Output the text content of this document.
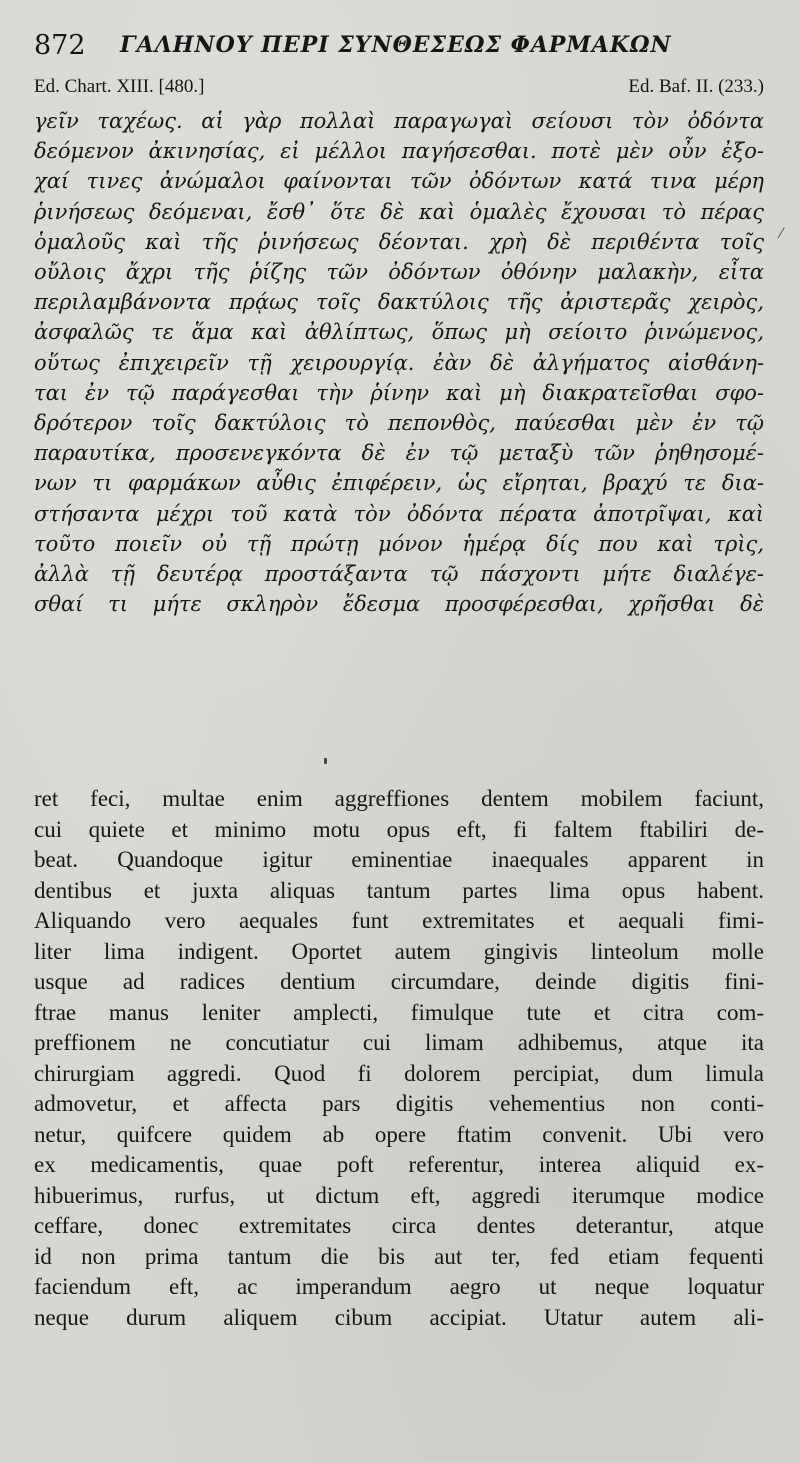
872 ΓΑΛΗΝΟΥ ΠΕΡΙ ΣΥΝΘΕΣΕΩΣ ΦΑΡΜΑΚΩΝ
Ed. Chart. XIII. [480.]	Ed. Baf. II. (233.)
⁄
γεῖν ταχέως. αἱ γὰρ πολλαὶ παραγωγαὶ σείουσι τὸν ὀδόντα
δεόμενον ἀκινησίας, εἰ μέλλοι παγήσεσθαι. ποτὲ μὲν οὖν ἐξο-
χαί τινες ἀνώμαλοι φαίνονται τῶν ὀδόντων κατά τινα μέρη
ῥινήσεως δεόμεναι, ἔσθ᾽ ὅτε δὲ καὶ ὁμαλὲς ἔχουσαι τὸ πέρας
ὁμαλοῦς καὶ τῆς ῥινήσεως δέονται. χρὴ δὲ περιθέντα τοῖς
οὔλοις ἄχρι τῆς ῥίζης τῶν ὀδόντων ὀθόνην μαλακὴν, εἶτα
περιλαμβάνοντα πρᾴως τοῖς δακτύλοις τῆς ἀριστερᾶς χειρὸς,
ἀσφαλῶς τε ἅμα καὶ ἀθλίπτως, ὅπως μὴ σείοιτο ῥινώμενος,
οὕτως ἐπιχειρεῖν τῇ χειρουργίᾳ. ἐὰν δὲ ἀλγήματος αἰσθάνη-
ται ἐν τῷ παράγεσθαι τὴν ῥίνην καὶ μὴ διακρατεῖσθαι σφο-
δρότερον τοῖς δακτύλοις τὸ πεπονθὸς, παύεσθαι μὲν ἐν τῷ
παραυτίκα, προσενεγκόντα δὲ ἐν τῷ μεταξὺ τῶν ῥηθησομέ-
νων τι φαρμάκων αὖθις ἐπιφέρειν, ὡς εἴρηται, βραχύ τε δια-
στήσαντα μέχρι τοῦ κατὰ τὸν ὀδόντα πέρατα ἀποτρῖψαι, καὶ
τοῦτο ποιεῖν οὐ τῇ πρώτῃ μόνον ἡμέρᾳ δίς που καὶ τρὶς,
ἀλλὰ τῇ δευτέρᾳ προστάξαντα τῷ πάσχοντι μήτε διαλέγε-
σθαί τι μήτε σκληρὸν ἔδεσμα προσφέρεσθαι, χρῆσθαι δὲ
ret feci, multae enim aggreffiones dentem mobilem faciunt,
cui quiete et minimo motu opus eft, fi faltem ftabiliri de-
beat. Quandoque igitur eminentiae inaequales apparent in
dentibus et juxta aliquas tantum partes lima opus habent.
Aliquando vero aequales funt extremitates et aequali fimi-
liter lima indigent. Oportet autem gingivis linteolum molle
usque ad radices dentium circumdare, deinde digitis fini-
ftrae manus leniter amplecti, fimulque tute et citra com-
preffionem ne concutiatur cui limam adhibemus, atque ita
chirurgiam aggredi. Quod fi dolorem percipiat, dum limula
admovetur, et affecta pars digitis vehementius non conti-
netur, quifcere quidem ab opere ftatim convenit. Ubi vero
ex medicamentis, quae poft referentur, interea aliquid ex-
hibuerimus, rurfus, ut dictum eft, aggredi iterumque modice
ceffare, donec extremitates circa dentes deterantur, atque
id non prima tantum die bis aut ter, fed etiam fequenti
faciendum eft, ac imperandum aegro ut neque loquatur
neque durum aliquem cibum accipiat. Utatur autem ali-
